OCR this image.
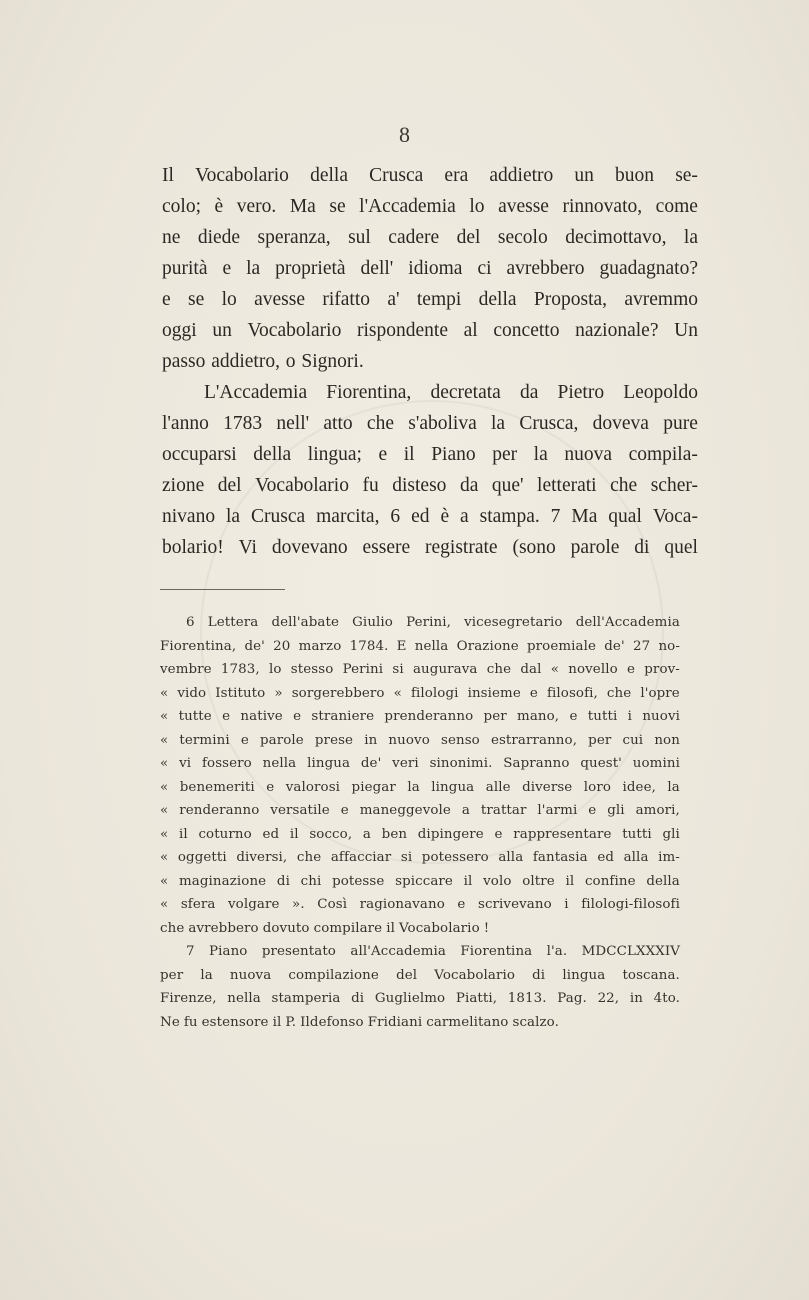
8
Il Vocabolario della Crusca era addietro un buon se-
colo; è vero. Ma se l'Accademia lo avesse rinnovato, come
ne diede speranza, sul cadere del secolo decimottavo, la
purità e la proprietà dell' idioma ci avrebbero guadagnato?
e se lo avesse rifatto a' tempi della Proposta, avremmo
oggi un Vocabolario rispondente al concetto nazionale? Un
passo addietro, o Signori.
L'Accademia Fiorentina, decretata da Pietro Leopoldo
l'anno 1783 nell' atto che s'aboliva la Crusca, doveva pure
occuparsi della lingua; e il Piano per la nuova compila-
zione del Vocabolario fu disteso da que' letterati che scher-
nivano la Crusca marcita, 6 ed è a stampa. 7 Ma qual Voca-
bolario! Vi dovevano essere registrate (sono parole di quel
6 Lettera dell'abate Giulio Perini, vicesegretario dell'Accademia
Fiorentina, de' 20 marzo 1784. E nella Orazione proemiale de' 27 no-
vembre 1783, lo stesso Perini si augurava che dal « novello e prov-
« vido Istituto » sorgerebbero « filologi insieme e filosofi, che l'opre
« tutte e native e straniere prenderanno per mano, e tutti i nuovi
« termini e parole prese in nuovo senso estrarranno, per cui non
« vi fossero nella lingua de' veri sinonimi. Sapranno quest' uomini
« benemeriti e valorosi piegar la lingua alle diverse loro idee, la
« renderanno versatile e maneggevole a trattar l'armi e gli amori,
« il coturno ed il socco, a ben dipingere e rappresentare tutti gli
« oggetti diversi, che affacciar si potessero alla fantasia ed alla im-
« maginazione di chi potesse spiccare il volo oltre il confine della
« sfera volgare ». Così ragionavano e scrivevano i filologi-filosofi
che avrebbero dovuto compilare il Vocabolario !
7 Piano presentato all'Accademia Fiorentina l'a. MDCCLXXXIV
per la nuova compilazione del Vocabolario di lingua toscana.
Firenze, nella stamperia di Guglielmo Piatti, 1813. Pag. 22, in 4to.
Ne fu estensore il P. Ildefonso Fridiani carmelitano scalzo.
